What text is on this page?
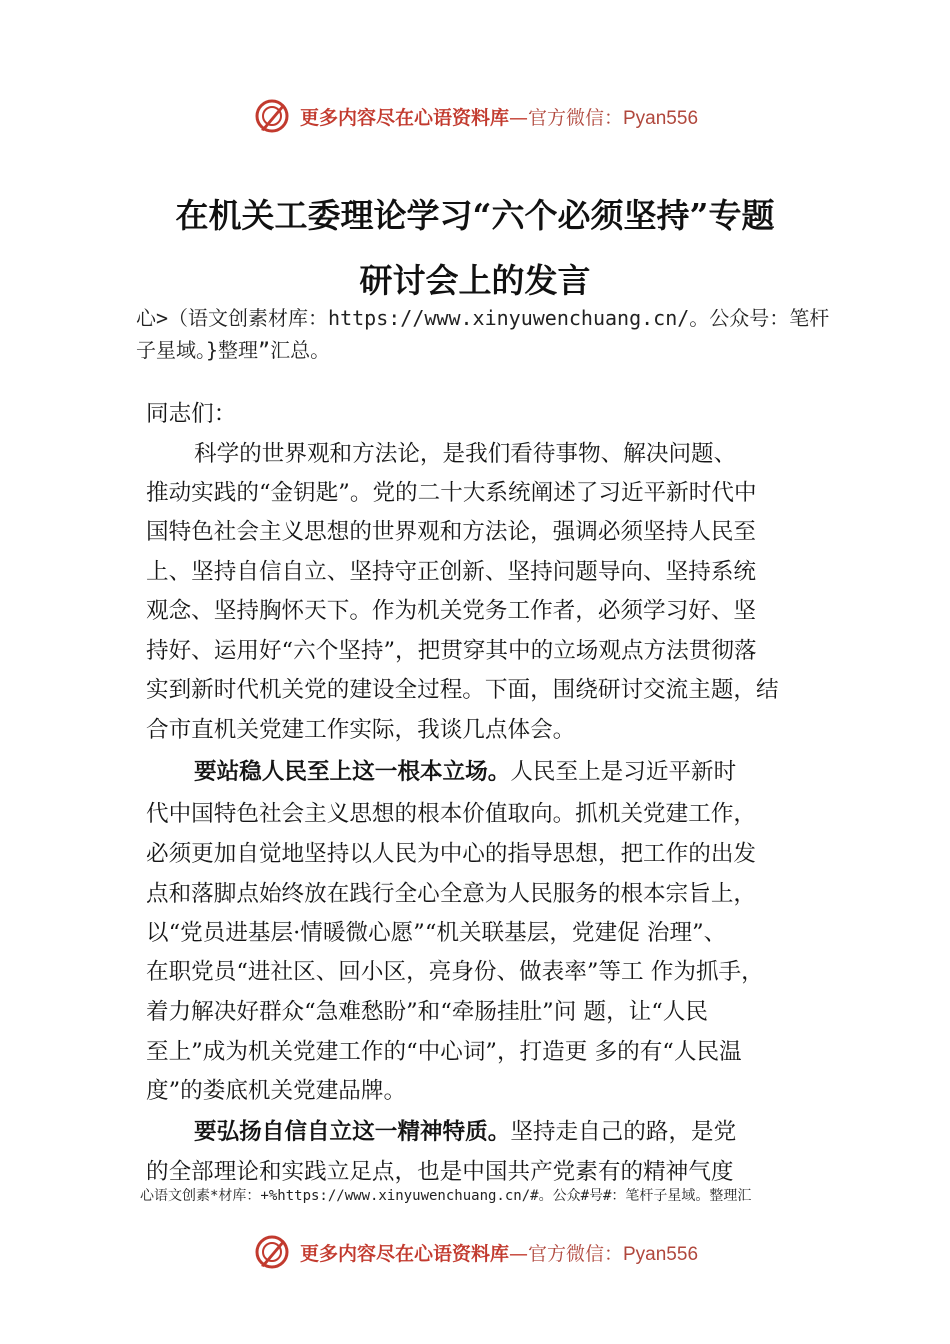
更多内容尽在心语资料库—官方微信：Pyan556
在机关工委理论学习“六个必须坚持”专题
研讨会上的发言
心>（语文创素材库：https://www.xinyuwenchuang.cn/。公众号：笔杆子星域。}整理”汇总。
同志们：
科学的世界观和方法论，是我们看待事物、解决问题、
推动实践的“金钥匙”。党的二十大系统阐述了习近平新时代中
国特色社会主义思想的世界观和方法论，强调必须坚持人民至
上、坚持自信自立、坚持守正创新、坚持问题导向、坚持系统
观念、坚持胸怀天下。作为机关党务工作者，必须学习好、坚
持好、运用好“六个坚持”，把贯穿其中的立场观点方法贯彻落
实到新时代机关党的建设全过程。下面，围绕研讨交流主题，结
合市直机关党建工作实际，我谈几点体会。
要站稳人民至上这一根本立场。人民至上是习近平新时
代中国特色社会主义思想的根本价值取向。抓机关党建工作，
必须更加自觉地坚持以人民为中心的指导思想，把工作的出发
点和落脚点始终放在践行全心全意为人民服务的根本宗旨上，
以“党员进基层·情暖微心愿”“机关联基层，党建促 治理”、
在职党员“进社区、回小区，亮身份、做表率”等工 作为抓手，
着力解决好群众“急难愁盼”和“牵肠挂肚”问 题，让“人民
至上”成为机关党建工作的“中心词”，打造更 多的有“人民温
度”的娄底机关党建品牌。
要弘扬自信自立这一精神特质。坚持走自己的路，是党
的全部理论和实践立足点，也是中国共产党素有的精神气度
心语文创素*材库：+%https://www.xinyuwenchuang.cn/#。公众#号#：笔杆子星域。整理汇
更多内容尽在心语资料库—官方微信：Pyan556
